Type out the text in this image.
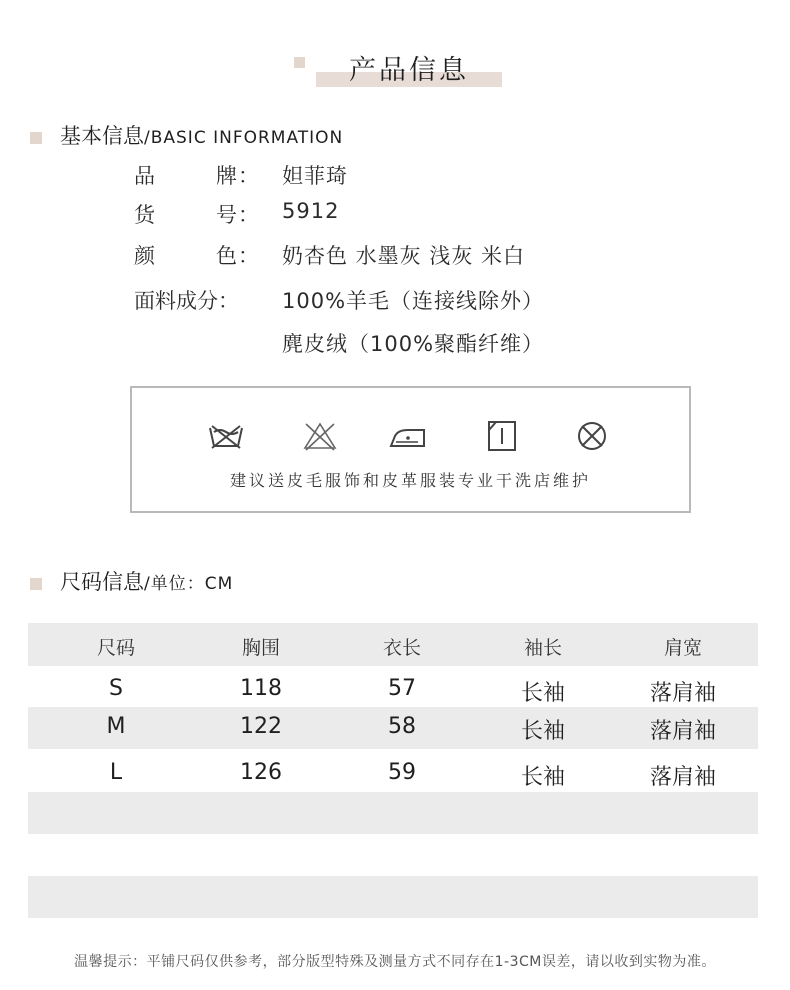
产品信息
基本信息 /BASIC INFORMATION
品	牌 ： 妲菲琦
货	号 ： 5912
颜	色 ： 奶杏色 水墨灰 浅灰 米白
面料成分 ： 100%羊毛（连接线除外）
麂皮绒（100%聚酯纤维）
建议送皮毛服饰和皮革服装专业干洗店维护
尺码信息 /单位：CM
尺码	胸围	衣长	袖长	肩宽
S	118	57	长袖	落肩袖
M	122	58	长袖	落肩袖
L	126	59	长袖	落肩袖
温馨提示：平铺尺码仅供参考，部分版型特殊及测量方式不同存在1-3CM误差，请以收到实物为准。
